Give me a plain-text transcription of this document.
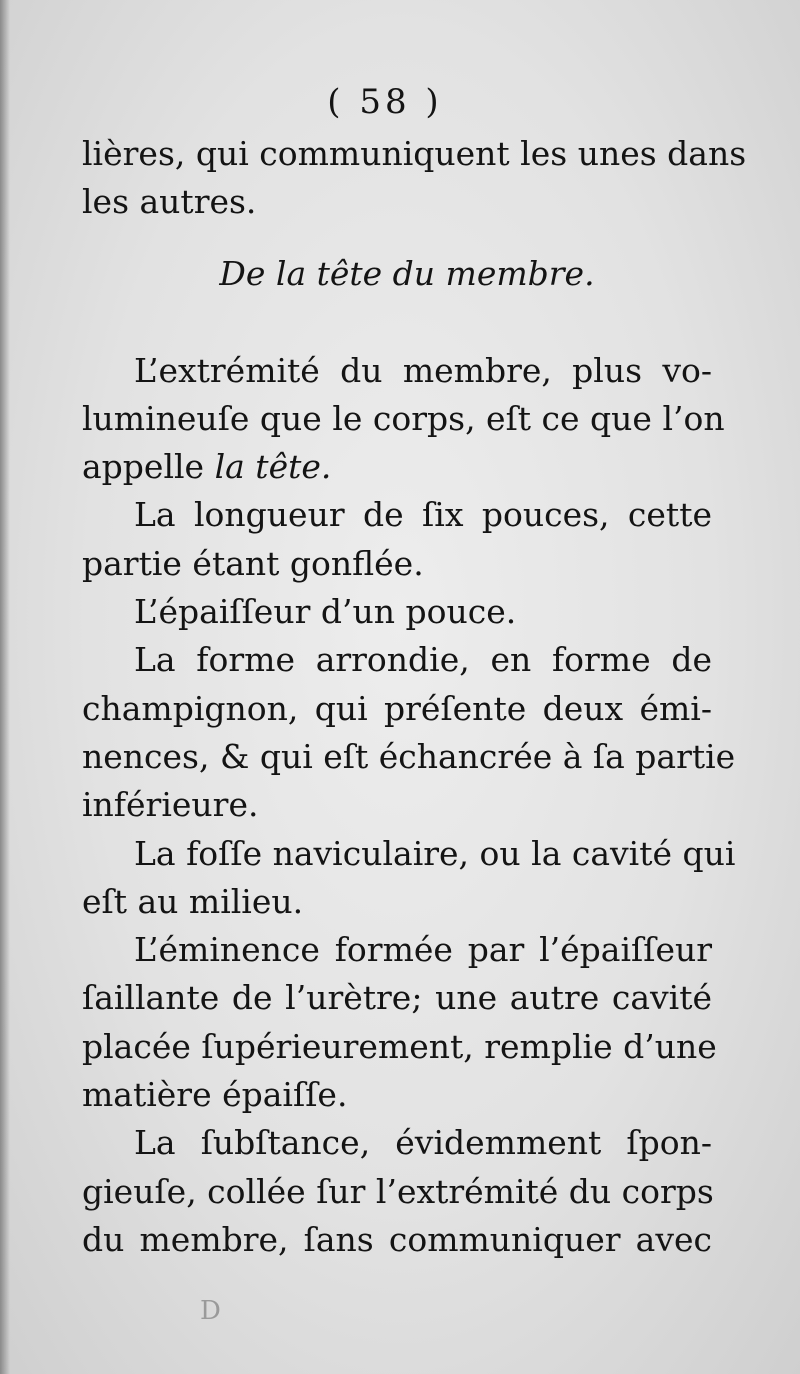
( 58 )
lières, qui communiquent les unes dans
les autres.
De la tête du membre.
L’extrémité du membre, plus vo-
lumineuſe que le corps, eſt ce que l’on
appelle la tête.
La longueur de ſix pouces, cette
partie étant gonflée.
L’épaiſſeur d’un pouce.
La forme arrondie, en forme de
champignon, qui préſente deux émi-
nences, & qui eſt échancrée à ſa partie
inférieure.
La foſſe naviculaire, ou la cavité qui
eſt au milieu.
L’éminence formée par l’épaiſſeur
ſaillante de l’urètre; une autre cavité
placée ſupérieurement, remplie d’une
matière épaiſſe.
La ſubſtance, évidemment ſpon-
gieuſe, collée ſur l’extrémité du corps
du membre, ſans communiquer avec
D
